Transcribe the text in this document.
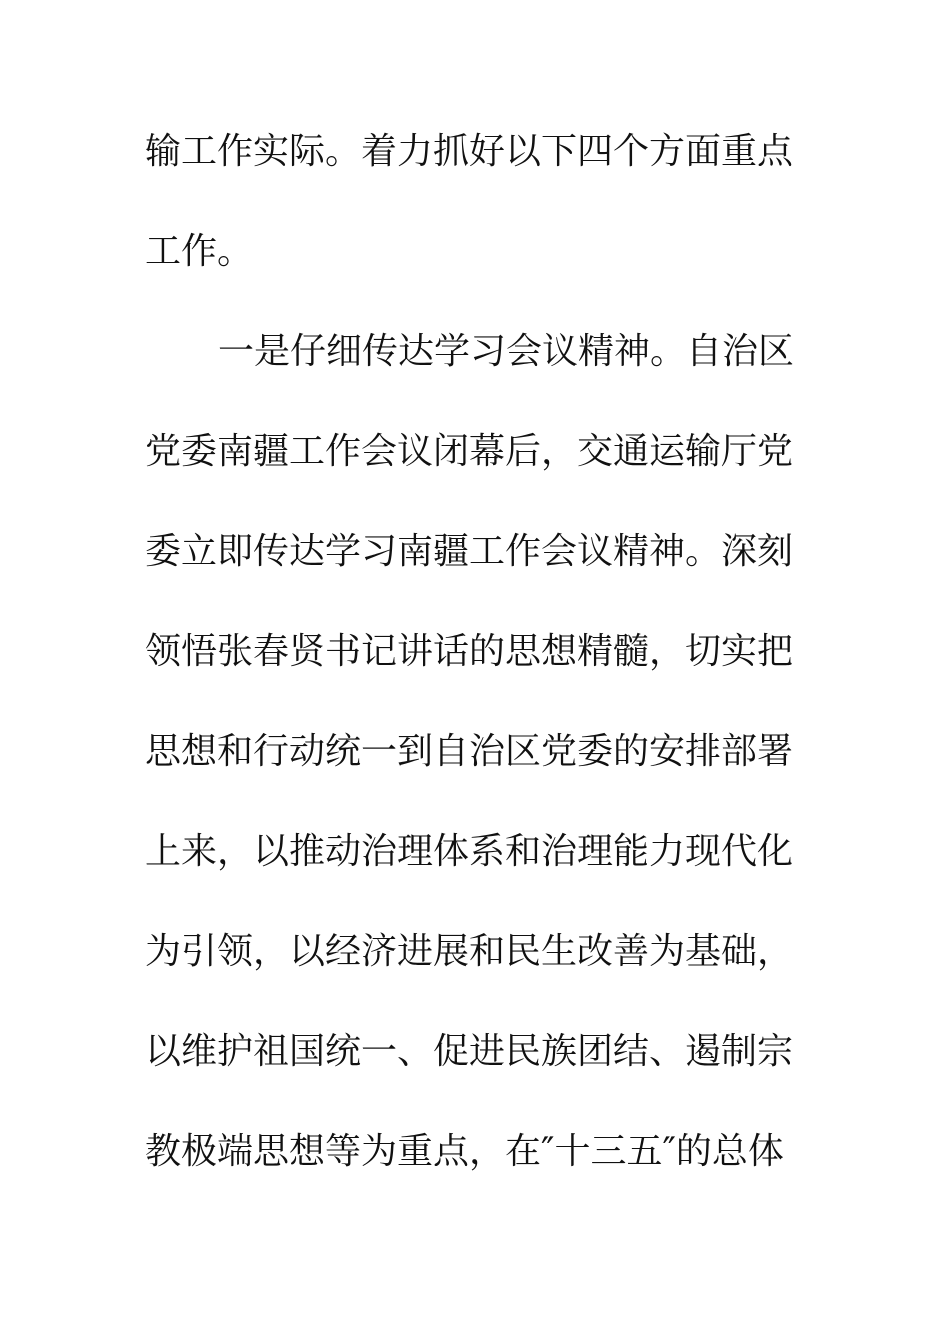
输工作实际。着力抓好以下四个方面重点
工作。
一是仔细传达学习会议精神。自治区
党委南疆工作会议闭幕后，交通运输厅党
委立即传达学习南疆工作会议精神。深刻
领悟张春贤书记讲话的思想精髓，切实把
思想和行动统一到自治区党委的安排部署
上来，以推动治理体系和治理能力现代化
为引领，以经济进展和民生改善为基础，
以维护祖国统一、促进民族团结、遏制宗
教极端思想等为重点，在″十三五″的总体
